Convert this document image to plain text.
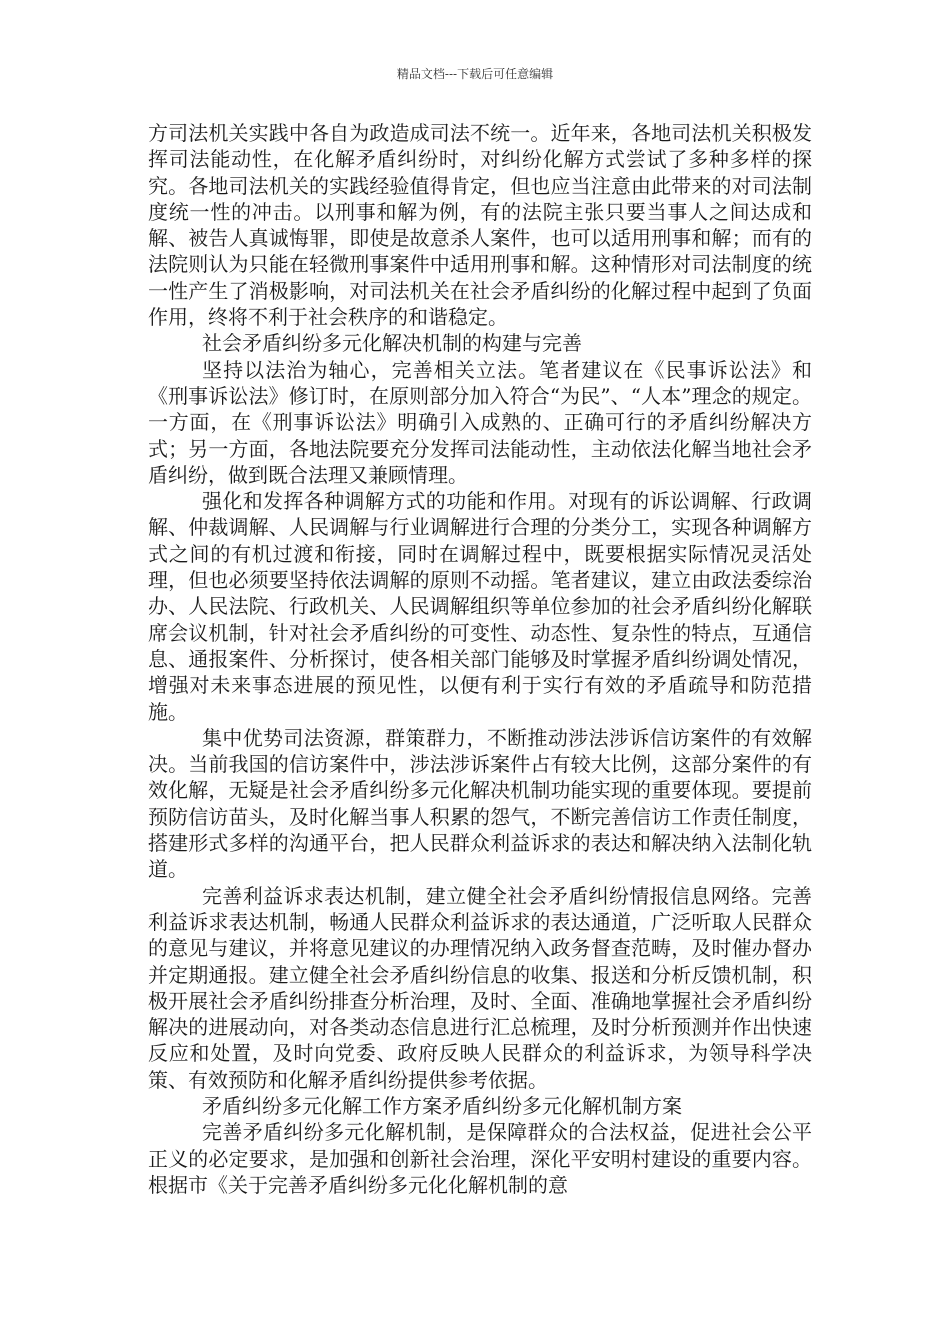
精品文档---下载后可任意编辑

方司法机关实践中各自为政造成司法不统一。近年来，各地司法机关积极发挥司法能动性，在化解矛盾纠纷时，对纠纷化解方式尝试了多种多样的探究。各地司法机关的实践经验值得肯定，但也应当注意由此带来的对司法制度统一性的冲击。以刑事和解为例，有的法院主张只要当事人之间达成和解、被告人真诚悔罪，即使是故意杀人案件，也可以适用刑事和解；而有的法院则认为只能在轻微刑事案件中适用刑事和解。这种情形对司法制度的统一性产生了消极影响，对司法机关在社会矛盾纠纷的化解过程中起到了负面作用，终将不利于社会秩序的和谐稳定。

社会矛盾纠纷多元化解决机制的构建与完善

坚持以法治为轴心，完善相关立法。笔者建议在《民事诉讼法》和《刑事诉讼法》修订时，在原则部分加入符合“为民”、“人本”理念的规定。一方面，在《刑事诉讼法》明确引入成熟的、正确可行的矛盾纠纷解决方式；另一方面，各地法院要充分发挥司法能动性，主动依法化解当地社会矛盾纠纷，做到既合法理又兼顾情理。

强化和发挥各种调解方式的功能和作用。对现有的诉讼调解、行政调解、仲裁调解、人民调解与行业调解进行合理的分类分工，实现各种调解方式之间的有机过渡和衔接，同时在调解过程中，既要根据实际情况灵活处理，但也必须要坚持依法调解的原则不动摇。笔者建议，建立由政法委综治办、人民法院、行政机关、人民调解组织等单位参加的社会矛盾纠纷化解联席会议机制，针对社会矛盾纠纷的可变性、动态性、复杂性的特点，互通信息、通报案件、分析探讨，使各相关部门能够及时掌握矛盾纠纷调处情况，增强对未来事态进展的预见性，以便有利于实行有效的矛盾疏导和防范措施。

集中优势司法资源，群策群力，不断推动涉法涉诉信访案件的有效解决。当前我国的信访案件中，涉法涉诉案件占有较大比例，这部分案件的有效化解，无疑是社会矛盾纠纷多元化解决机制功能实现的重要体现。要提前预防信访苗头，及时化解当事人积累的怨气，不断完善信访工作责任制度，搭建形式多样的沟通平台，把人民群众利益诉求的表达和解决纳入法制化轨道。

完善利益诉求表达机制，建立健全社会矛盾纠纷情报信息网络。完善利益诉求表达机制，畅通人民群众利益诉求的表达通道，广泛听取人民群众的意见与建议，并将意见建议的办理情况纳入政务督查范畴，及时催办督办并定期通报。建立健全社会矛盾纠纷信息的收集、报送和分析反馈机制，积极开展社会矛盾纠纷排查分析治理，及时、全面、准确地掌握社会矛盾纠纷解决的进展动向，对各类动态信息进行汇总梳理，及时分析预测并作出快速反应和处置，及时向党委、政府反映人民群众的利益诉求，为领导科学决策、有效预防和化解矛盾纠纷提供参考依据。

矛盾纠纷多元化解工作方案矛盾纠纷多元化解机制方案

完善矛盾纠纷多元化解机制，是保障群众的合法权益，促进社会公平正义的必定要求，是加强和创新社会治理，深化平安明村建设的重要内容。根据市《关于完善矛盾纠纷多元化化解机制的意
